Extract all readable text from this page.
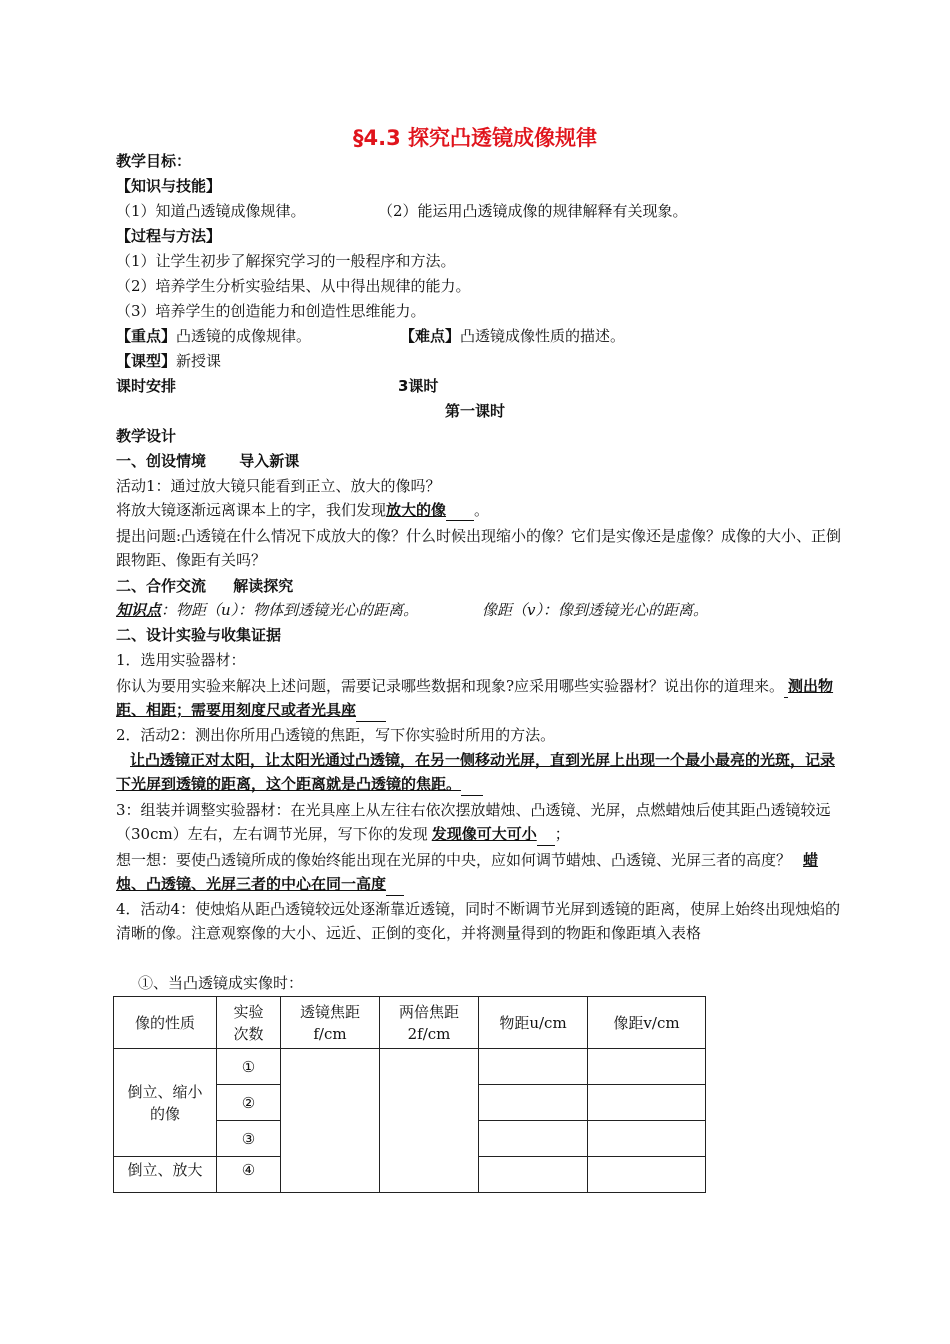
§4.3 探究凸透镜成像规律
教学目标：
【知识与技能】
（1）知道凸透镜成像规律。	（2）能运用凸透镜成像的规律解释有关现象。
【过程与方法】
（1）让学生初步了解探究学习的一般程序和方法。
（2）培养学生分析实验结果、从中得出规律的能力。
（3）培养学生的创造能力和创造性思维能力。
【重点】凸透镜的成像规律。	【难点】凸透镜成像性质的描述。
【课型】新授课
课时安排	3课时
第一课时
教学设计
一、创设情境 导入新课
活动1：通过放大镜只能看到正立、放大的像吗？
将放大镜逐渐远离课本上的字，我们发现放大的像 。
提出问题:凸透镜在什么情况下成放大的像？什么时候出现缩小的像？它们是实像还是虚像？成像的大小、正倒跟物距、像距有关吗？
二、合作交流 解读探究
知识点：物距（u）：物体到透镜光心的距离。	像距（v）：像到透镜光心的距离。
二、设计实验与收集证据
1．选用实验器材：
你认为要用实验来解决上述问题，需要记录哪些数据和现象?应采用哪些实验器材？说出你的道理来。 测出物距、相距；需要用刻度尺或者光具座
2．活动2：测出你所用凸透镜的焦距，写下你实验时所用的方法。
让凸透镜正对太阳，让太阳光通过凸透镜，在另一侧移动光屏，直到光屏上出现一个最小最亮的光斑，记录下光屏到透镜的距离，这个距离就是凸透镜的焦距。
3：组装并调整实验器材：在光具座上从左往右依次摆放蜡烛、凸透镜、光屏，点燃蜡烛后使其距凸透镜较远（30cm）左右，左右调节光屏，写下你的发现 发现像可大可小 ；
想一想：要使凸透镜所成的像始终能出现在光屏的中央，应如何调节蜡烛、凸透镜、光屏三者的高度？ 蜡烛、凸透镜、光屏三者的中心在同一高度
4．活动4：使烛焰从距凸透镜较远处逐渐靠近透镜，同时不断调节光屏到透镜的距离，使屏上始终出现烛焰的清晰的像。注意观察像的大小、远近、正倒的变化，并将测量得到的物距和像距填入表格
①、当凸透镜成实像时：
像的性质	实验次数	透镜焦距f/cm	两倍焦距2f/cm	物距u/cm	像距v/cm
倒立、缩小的像	①				
	②				
	③				
倒立、放大	④				
